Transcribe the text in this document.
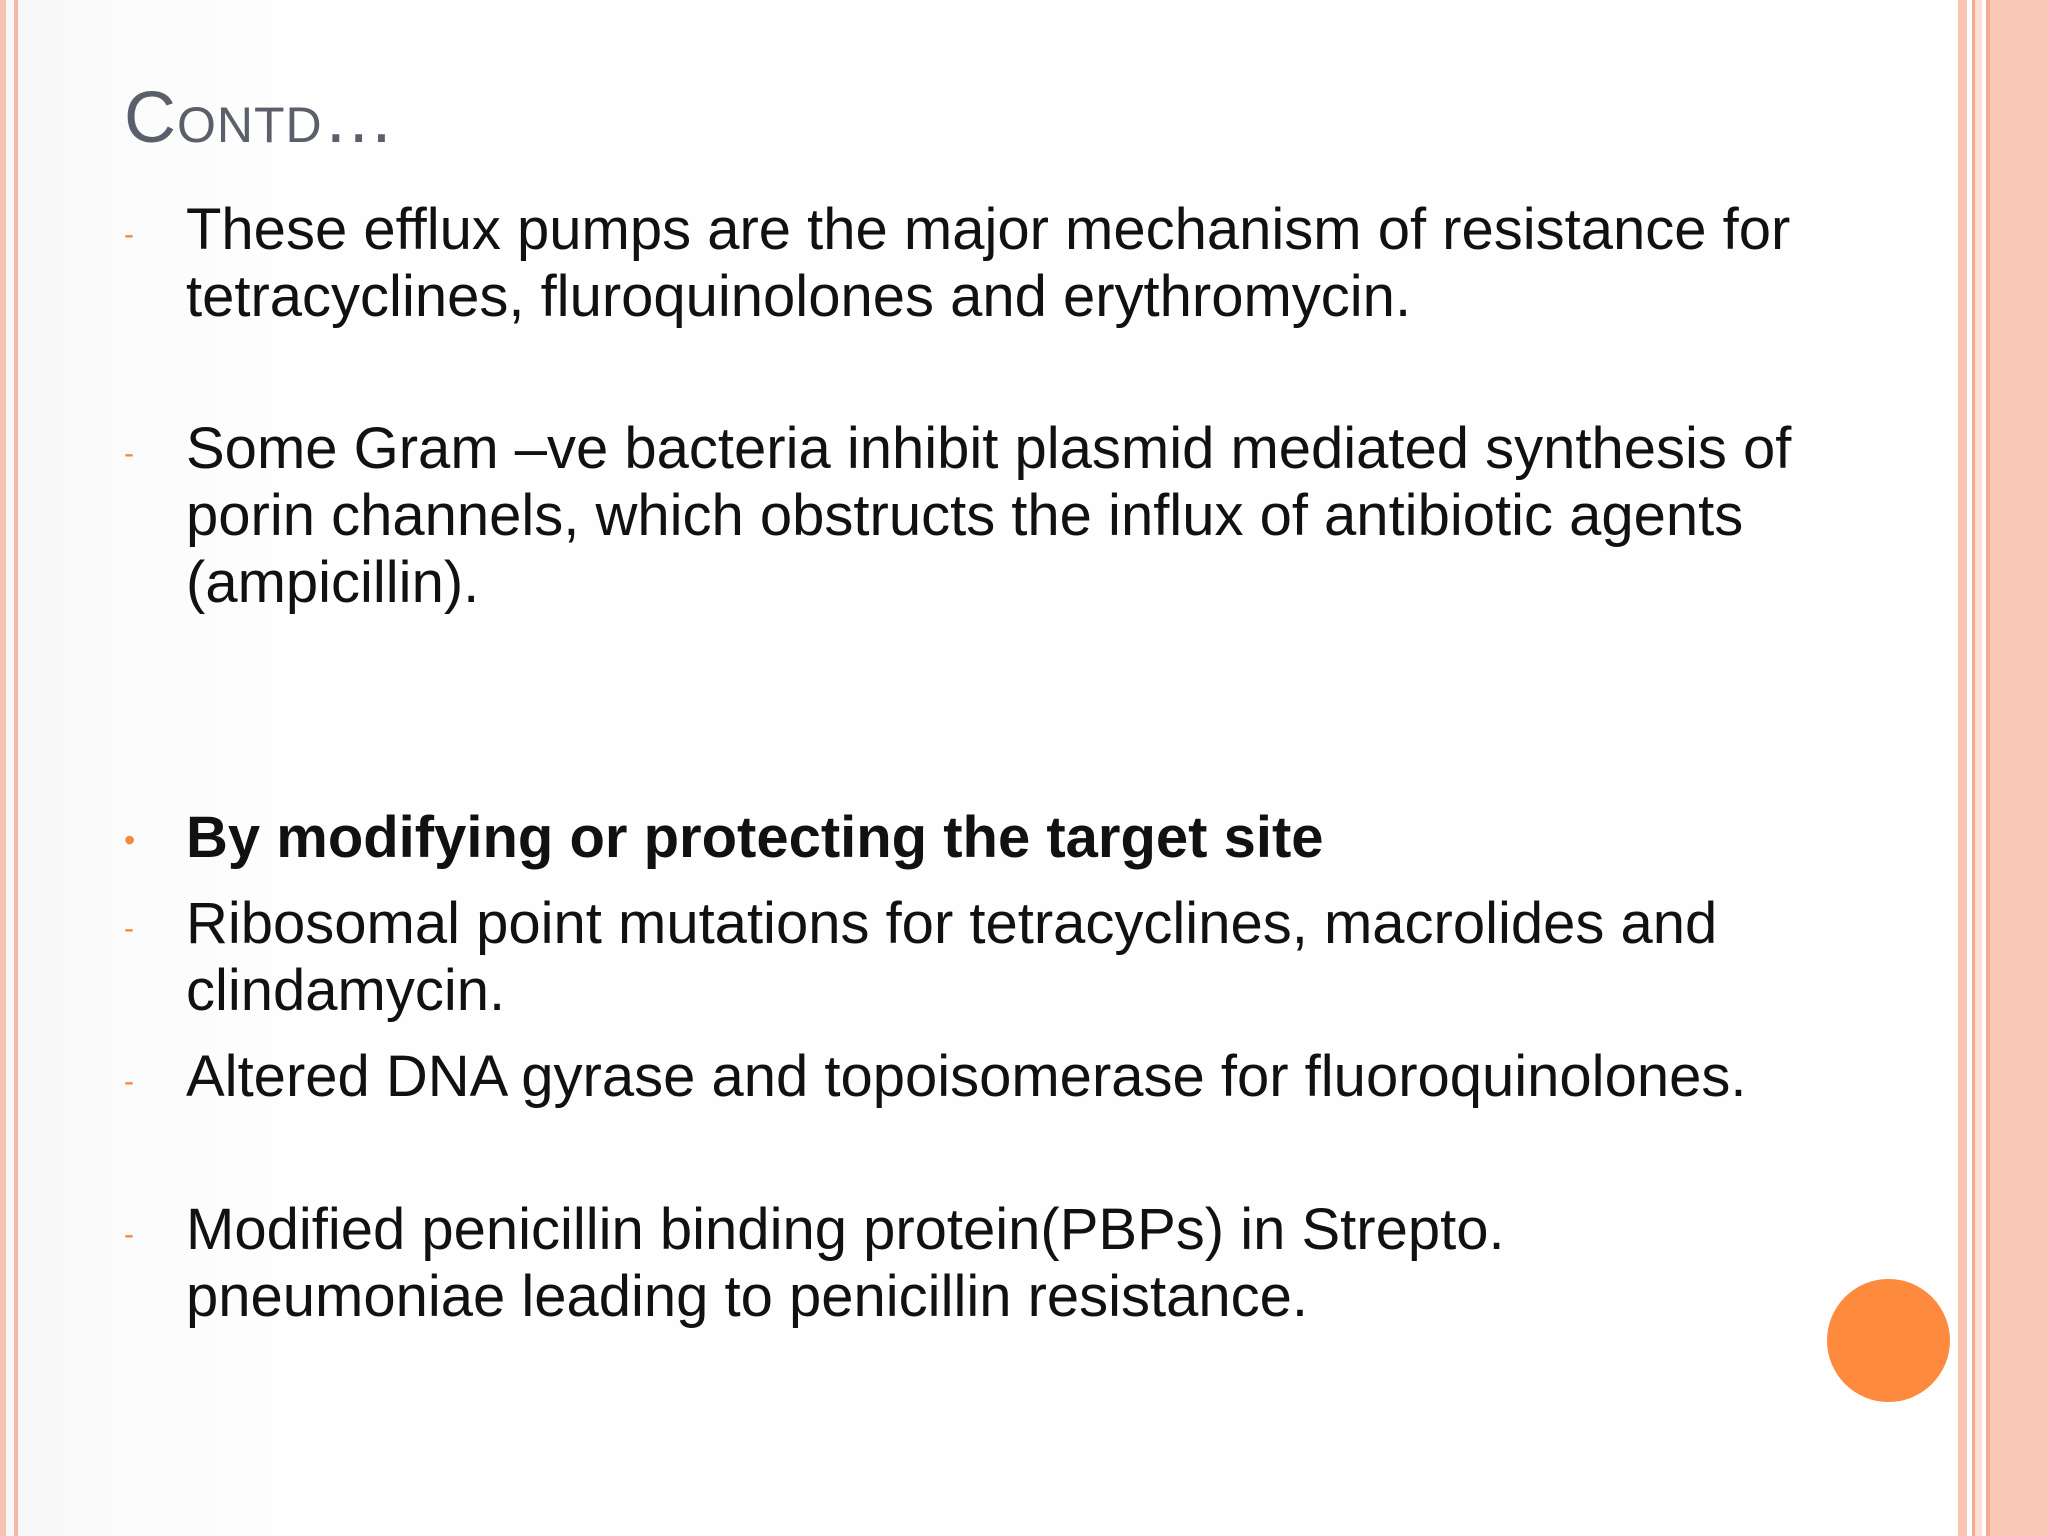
Contd…
- These efflux pumps are the major mechanism of resistance for tetracyclines, fluroquinolones and erythromycin.
- Some Gram –ve bacteria inhibit plasmid mediated synthesis of porin channels, which obstructs the influx of antibiotic agents (ampicillin).
• By modifying or protecting the target site
- Ribosomal point mutations for tetracyclines, macrolides and clindamycin.
- Altered DNA gyrase and topoisomerase for fluoroquinolones.
- Modified penicillin binding protein(PBPs) in Strepto. pneumoniae leading to penicillin resistance.
